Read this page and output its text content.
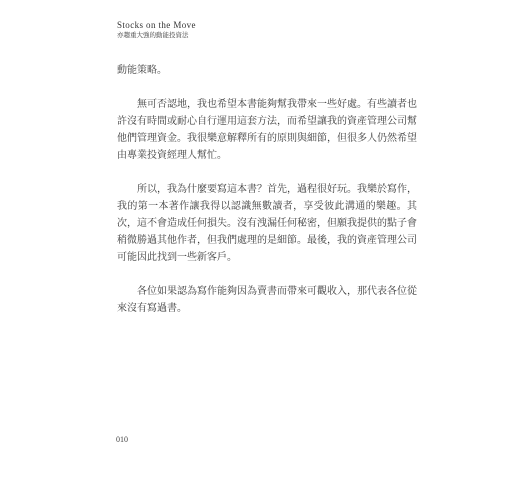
Stocks on the Move
亦趨重大強的動能投資法

動能策略。

無可否認地，我也希望本書能夠幫我帶來一些好處。有些讀者也許沒有時間或耐心自行運用這套方法，而希望讓我的資產管理公司幫他們管理資金。我很樂意解釋所有的原則與細節，但很多人仍然希望由專業投資經理人幫忙。

所以，我為什麼要寫這本書？首先，過程很好玩。我樂於寫作，我的第一本著作讓我得以認識無數讀者，享受彼此溝通的樂趣。其次，這不會造成任何損失。沒有洩漏任何秘密，但願我提供的點子會稍微勝過其他作者，但我們處理的是細節。最後，我的資產管理公司可能因此找到一些新客戶。

各位如果認為寫作能夠因為賣書而帶來可觀收入，那代表各位從來沒有寫過書。

010
